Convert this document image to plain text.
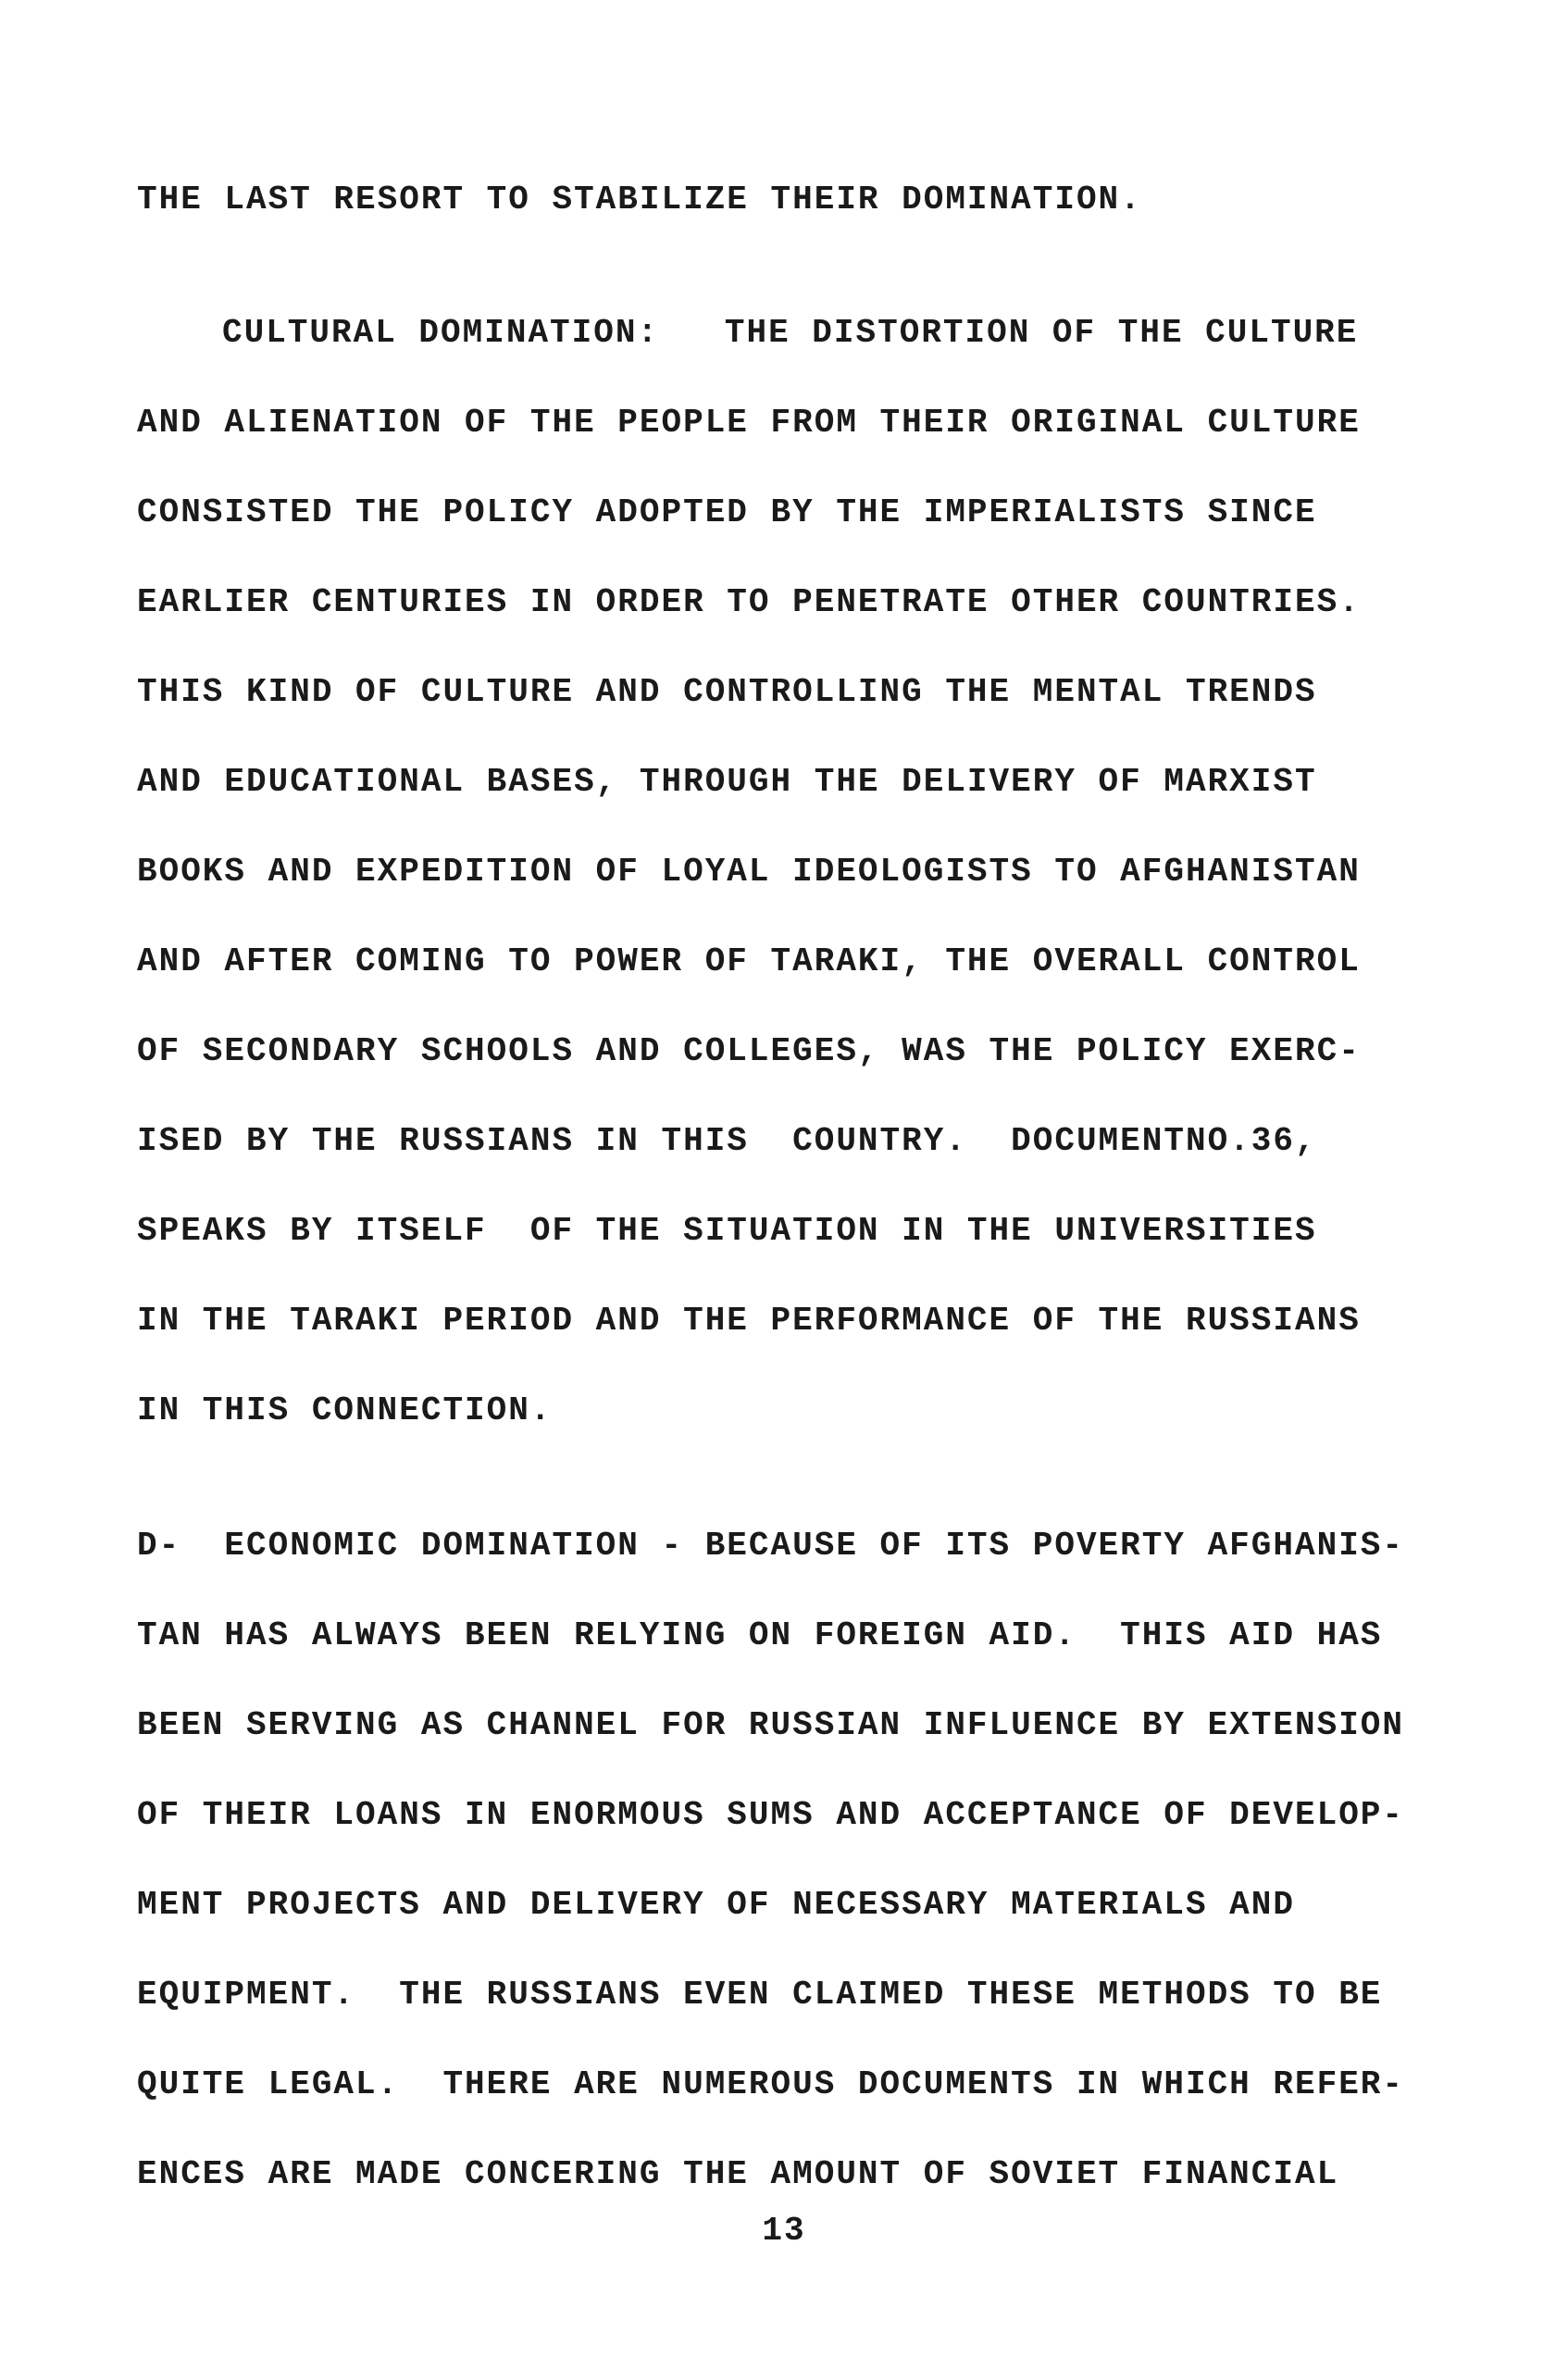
THE LAST RESORT TO STABILIZE THEIR DOMINATION.
CULTURAL DOMINATION:   THE DISTORTION OF THE CULTURE
AND ALIENATION OF THE PEOPLE FROM THEIR ORIGINAL CULTURE
CONSISTED THE POLICY ADOPTED BY THE IMPERIALISTS SINCE
EARLIER CENTURIES IN ORDER TO PENETRATE OTHER COUNTRIES.
THIS KIND OF CULTURE AND CONTROLLING THE MENTAL TRENDS
AND EDUCATIONAL BASES, THROUGH THE DELIVERY OF MARXIST
BOOKS AND EXPEDITION OF LOYAL IDEOLOGISTS TO AFGHANISTAN
AND AFTER COMING TO POWER OF TARAKI, THE OVERALL CONTROL
OF SECONDARY SCHOOLS AND COLLEGES, WAS THE POLICY EXERC-
ISED BY THE RUSSIANS IN THIS  COUNTRY.  DOCUMENTNO.36,
SPEAKS BY ITSELF  OF THE SITUATION IN THE UNIVERSITIES
IN THE TARAKI PERIOD AND THE PERFORMANCE OF THE RUSSIANS
IN THIS CONNECTION.
D-  ECONOMIC DOMINATION - BECAUSE OF ITS POVERTY AFGHANIS-
TAN HAS ALWAYS BEEN RELYING ON FOREIGN AID.  THIS AID HAS
BEEN SERVING AS CHANNEL FOR RUSSIAN INFLUENCE BY EXTENSION
OF THEIR LOANS IN ENORMOUS SUMS AND ACCEPTANCE OF DEVELOP-
MENT PROJECTS AND DELIVERY OF NECESSARY MATERIALS AND
EQUIPMENT.  THE RUSSIANS EVEN CLAIMED THESE METHODS TO BE
QUITE LEGAL.  THERE ARE NUMEROUS DOCUMENTS IN WHICH REFER-
ENCES ARE MADE CONCERING THE AMOUNT OF SOVIET FINANCIAL
13
